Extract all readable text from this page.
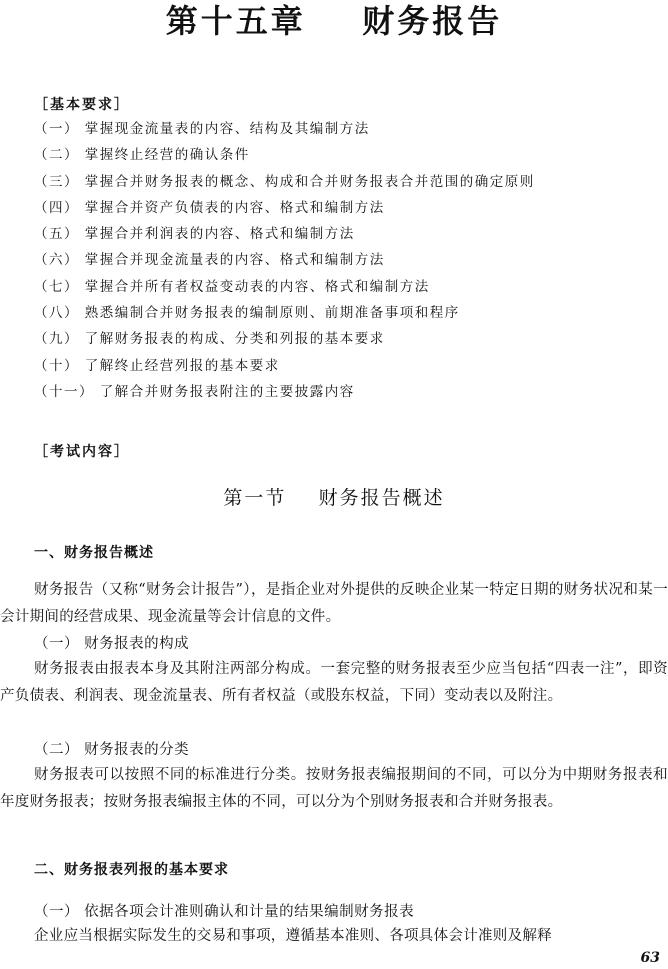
第十五章    财务报告
［基本要求］
（一） 掌握现金流量表的内容、结构及其编制方法
（二） 掌握终止经营的确认条件
（三） 掌握合并财务报表的概念、构成和合并财务报表合并范围的确定原则
（四） 掌握合并资产负债表的内容、格式和编制方法
（五） 掌握合并利润表的内容、格式和编制方法
（六） 掌握合并现金流量表的内容、格式和编制方法
（七） 掌握合并所有者权益变动表的内容、格式和编制方法
（八） 熟悉编制合并财务报表的编制原则、前期准备事项和程序
（九） 了解财务报表的构成、分类和列报的基本要求
（十） 了解终止经营列报的基本要求
（十一） 了解合并财务报表附注的主要披露内容
［考试内容］
第一节    财务报告概述
一、财务报告概述

财务报告（又称“财务会计报告”），是指企业对外提供的反映企业某一特定日期的财务状况和某一会计期间的经营成果、现金流量等会计信息的文件。

（一） 财务报表的构成

财务报表由报表本身及其附注两部分构成。一套完整的财务报表至少应当包括“四表一注”，即资产负债表、利润表、现金流量表、所有者权益（或股东权益，下同）变动表以及附注。

（二） 财务报表的分类

财务报表可以按照不同的标准进行分类。按财务报表编报期间的不同，可以分为中期财务报表和年度财务报表；按财务报表编报主体的不同，可以分为个别财务报表和合并财务报表。

二、财务报表列报的基本要求
（一） 依据各项会计准则确认和计量的结果编制财务报表

企业应当根据实际发生的交易和事项，遵循基本准则、各项具体会计准则及解释

63
